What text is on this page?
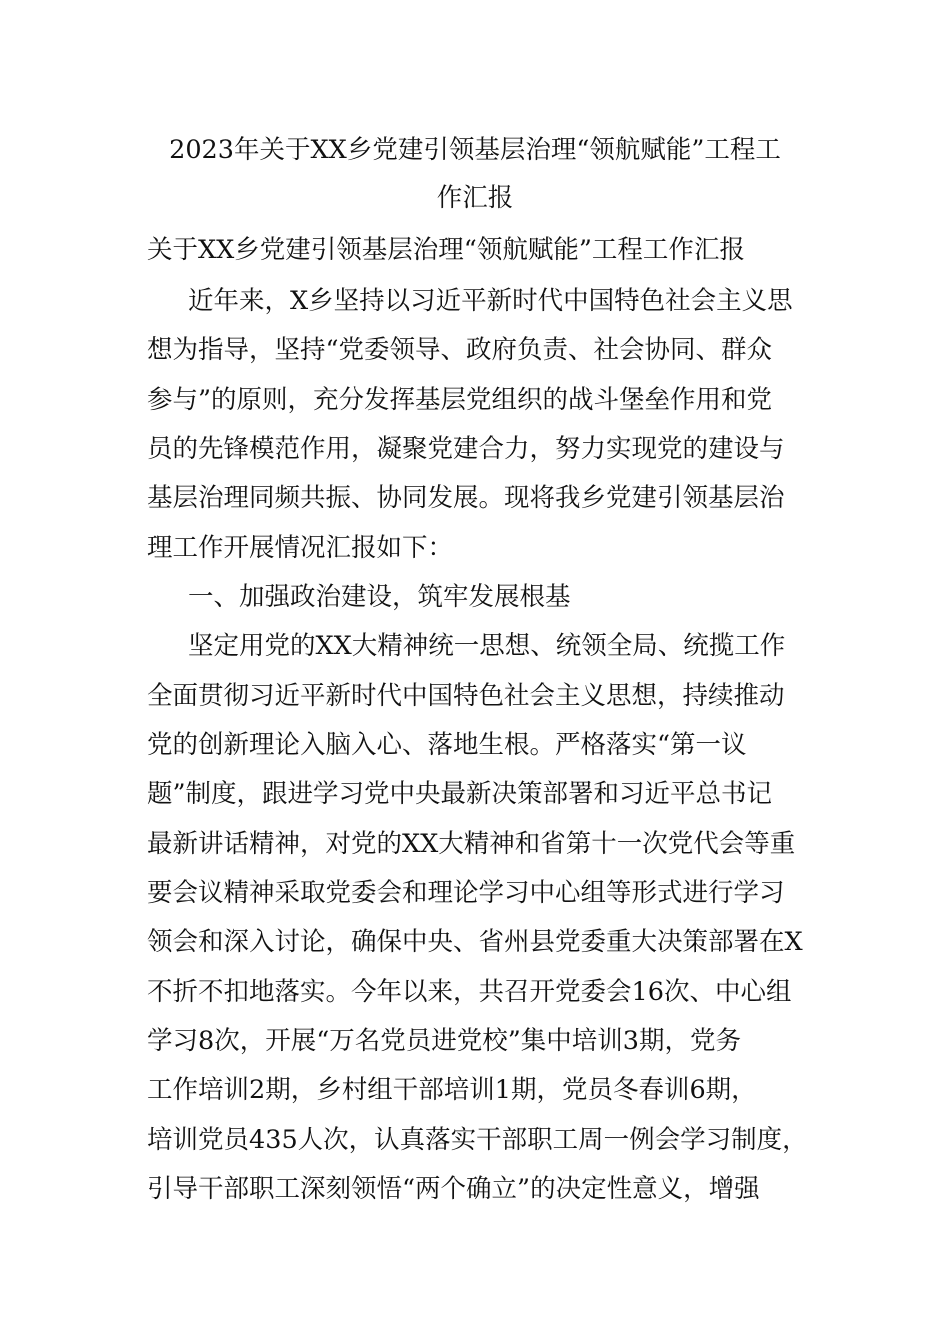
2023年关于XX乡党建引领基层治理“领航赋能”工程工
作汇报
关于XX乡党建引领基层治理“领航赋能”工程工作汇报
近年来，X乡坚持以习近平新时代中国特色社会主义思
想为指导，坚持“党委领导、政府负责、社会协同、群众
参与”的原则，充分发挥基层党组织的战斗堡垒作用和党
员的先锋模范作用，凝聚党建合力，努力实现党的建设与
基层治理同频共振、协同发展。现将我乡党建引领基层治
理工作开展情况汇报如下：
一、加强政治建设，筑牢发展根基
坚定用党的XX大精神统一思想、统领全局、统揽工作
全面贯彻习近平新时代中国特色社会主义思想，持续推动
党的创新理论入脑入心、落地生根。严格落实“第一议
题”制度，跟进学习党中央最新决策部署和习近平总书记
最新讲话精神，对党的XX大精神和省第十一次党代会等重
要会议精神采取党委会和理论学习中心组等形式进行学习
领会和深入讨论，确保中央、省州县党委重大决策部署在X
不折不扣地落实。今年以来，共召开党委会16次、中心组
学习8次，开展“万名党员进党校”集中培训3期，党务
工作培训2期，乡村组干部培训1期，党员冬春训6期，
培训党员435人次，认真落实干部职工周一例会学习制度，
引导干部职工深刻领悟“两个确立”的决定性意义，增强
